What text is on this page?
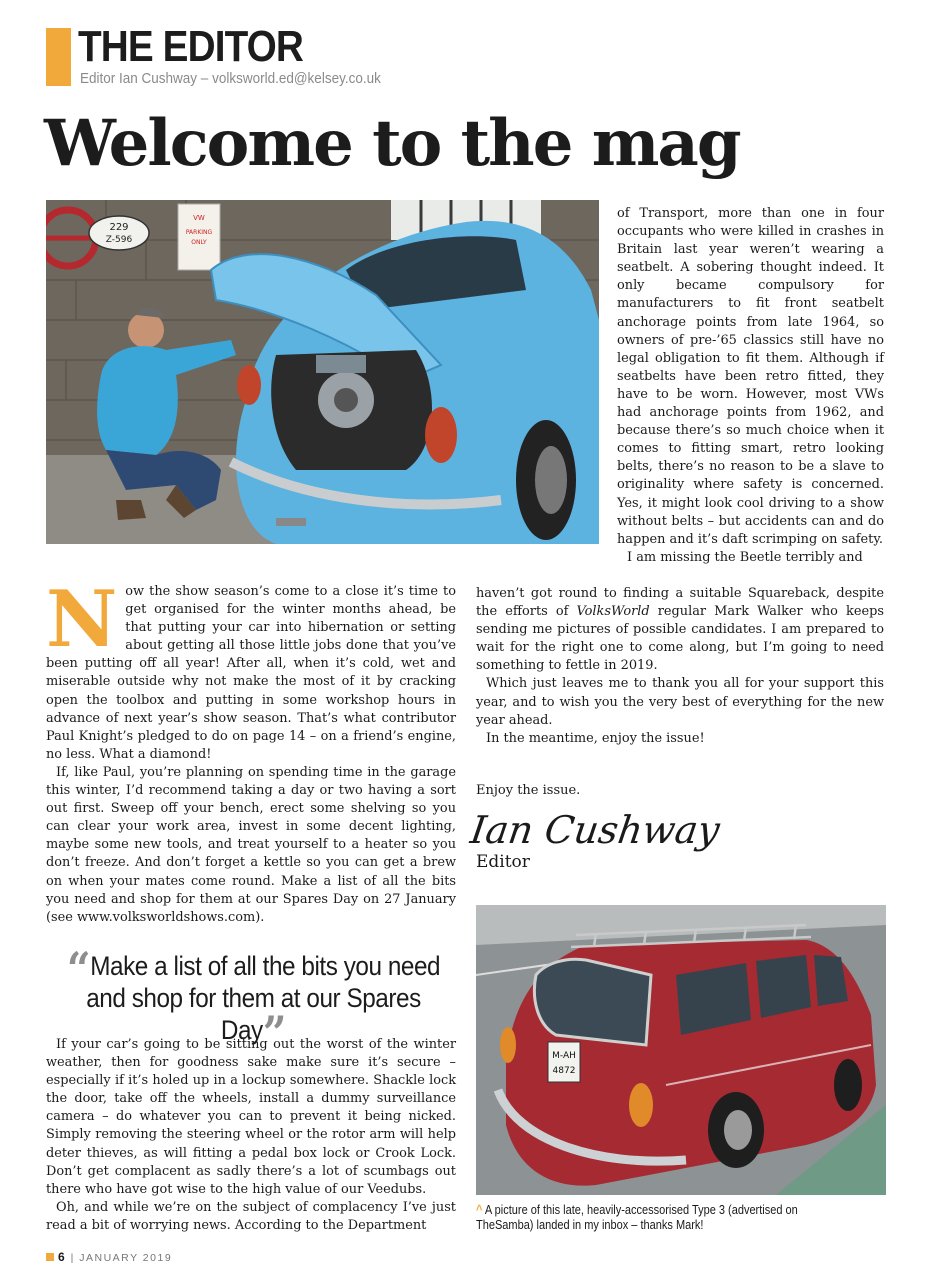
THE EDITOR
Editor Ian Cushway – volksworld.ed@kelsey.co.uk
Welcome to the mag
229
Z-596
VW
PARKING
ONLY

Now the show season’s come to a close it’s time to get organised for the winter months ahead, be that putting your car into hibernation or setting about getting all those little jobs done that you’ve been putting off all year! After all, when it’s cold, wet and miserable outside why not make the most of it by cracking open the toolbox and putting in some workshop hours in advance of next year’s show season. That’s what contributor Paul Knight’s pledged to do on page 14 – on a friend’s engine, no less. What a diamond!

If, like Paul, you’re planning on spending time in the garage this winter, I’d recommend taking a day or two having a sort out first. Sweep off your bench, erect some shelving so you can clear your work area, invest in some decent lighting, maybe some new tools, and treat yourself to a heater so you don’t freeze. And don’t forget a kettle so you can get a brew on when your mates come round. Make a list of all the bits you need and shop for them at our Spares Day on 27 January (see www.volksworldshows.com).

“Make a list of all the bits you need and shop for them at our Spares Day”

If your car’s going to be sitting out the worst of the winter weather, then for goodness sake make sure it’s secure – especially if it’s holed up in a lockup somewhere. Shackle lock the door, take off the wheels, install a dummy surveillance camera – do whatever you can to prevent it being nicked. Simply removing the steering wheel or the rotor arm will help deter thieves, as will fitting a pedal box lock or Crook Lock. Don’t get complacent as sadly there’s a lot of scumbags out there who have got wise to the high value of our Veedubs.

Oh, and while we’re on the subject of complacency I’ve just read a bit of worrying news. According to the Department

of Transport, more than one in four occupants who were killed in crashes in Britain last year weren’t wearing a seatbelt. A sobering thought indeed. It only became compulsory for manufacturers to fit front seatbelt anchorage points from late 1964, so owners of pre-’65 classics still have no legal obligation to fit them. Although if seatbelts have been retro fitted, they have to be worn. However, most VWs had anchorage points from 1962, and because there’s so much choice when it comes to fitting smart, retro looking belts, there’s no reason to be a slave to originality where safety is concerned. Yes, it might look cool driving to a show without belts – but accidents can and do happen and it’s daft scrimping on safety.

I am missing the Beetle terribly and

haven’t got round to finding a suitable Squareback, despite the efforts of VolksWorld regular Mark Walker who keeps sending me pictures of possible candidates. I am prepared to wait for the right one to come along, but I’m going to need something to fettle in 2019.

Which just leaves me to thank you all for your support this year, and to wish you the very best of everything for the new year ahead.

In the meantime, enjoy the issue!

Enjoy the issue.
Ian Cushway
Editor
M-AH
4872
^ A picture of this late, heavily-accessorised Type 3 (advertised on TheSamba) landed in my inbox – thanks Mark!
6 | JANUARY 2019
